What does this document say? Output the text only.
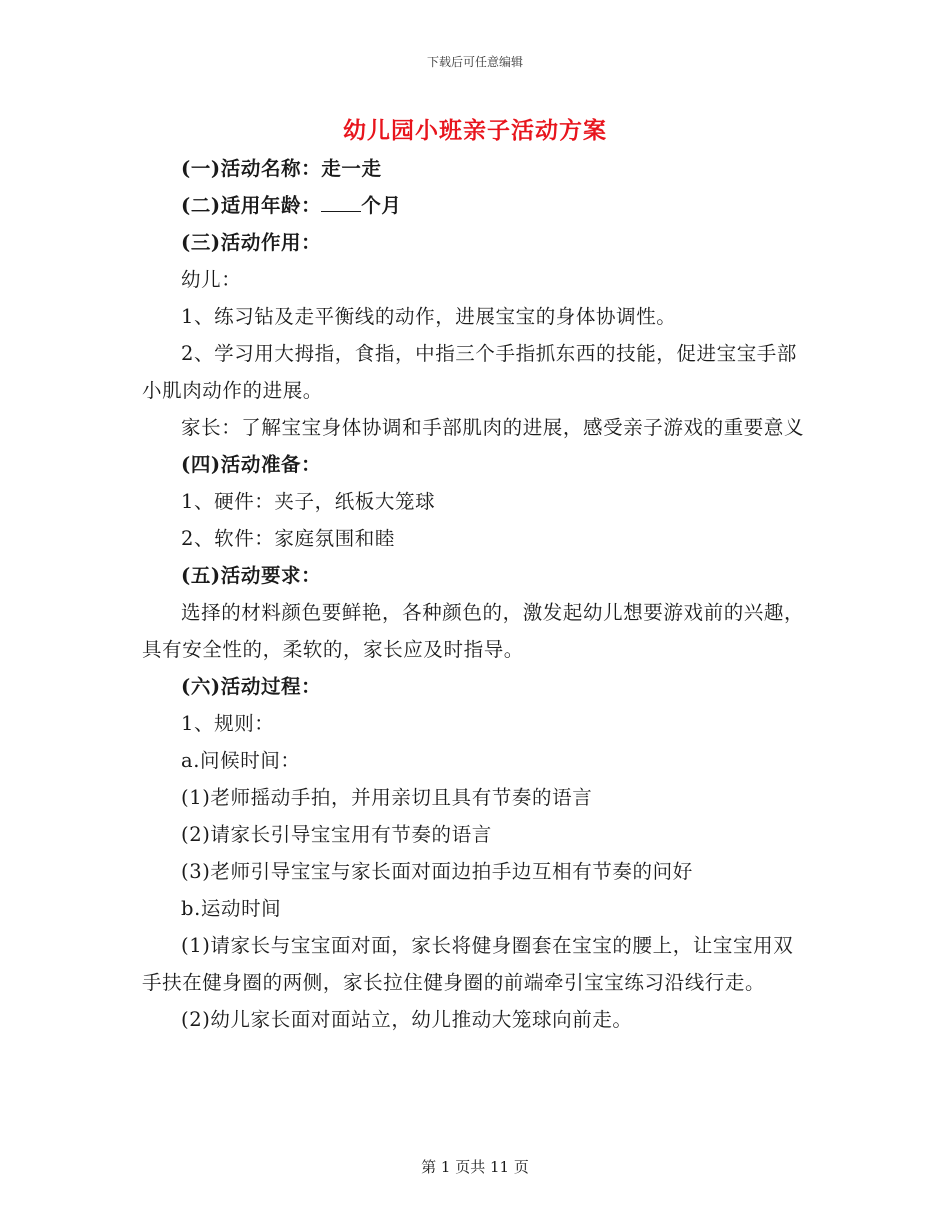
下载后可任意编辑
幼儿园小班亲子活动方案

(一)活动名称：走一走

(二)适用年龄： 个月

(三)活动作用：

幼儿：

1、练习钻及走平衡线的动作，进展宝宝的身体协调性。

2、学习用大拇指，食指，中指三个手指抓东西的技能，促进宝宝手部小肌肉动作的进展。

家长：了解宝宝身体协调和手部肌肉的进展，感受亲子游戏的重要意义

(四)活动准备：

1、硬件：夹子，纸板大笼球

2、软件：家庭氛围和睦

(五)活动要求：

选择的材料颜色要鲜艳，各种颜色的，激发起幼儿想要游戏前的兴趣，具有安全性的，柔软的，家长应及时指导。

(六)活动过程：

1、规则：

a.问候时间：

(1)老师摇动手拍，并用亲切且具有节奏的语言

(2)请家长引导宝宝用有节奏的语言

(3)老师引导宝宝与家长面对面边拍手边互相有节奏的问好

b.运动时间

(1)请家长与宝宝面对面，家长将健身圈套在宝宝的腰上，让宝宝用双手扶在健身圈的两侧，家长拉住健身圈的前端牵引宝宝练习沿线行走。

(2)幼儿家长面对面站立，幼儿推动大笼球向前走。

第 1 页共 11 页
